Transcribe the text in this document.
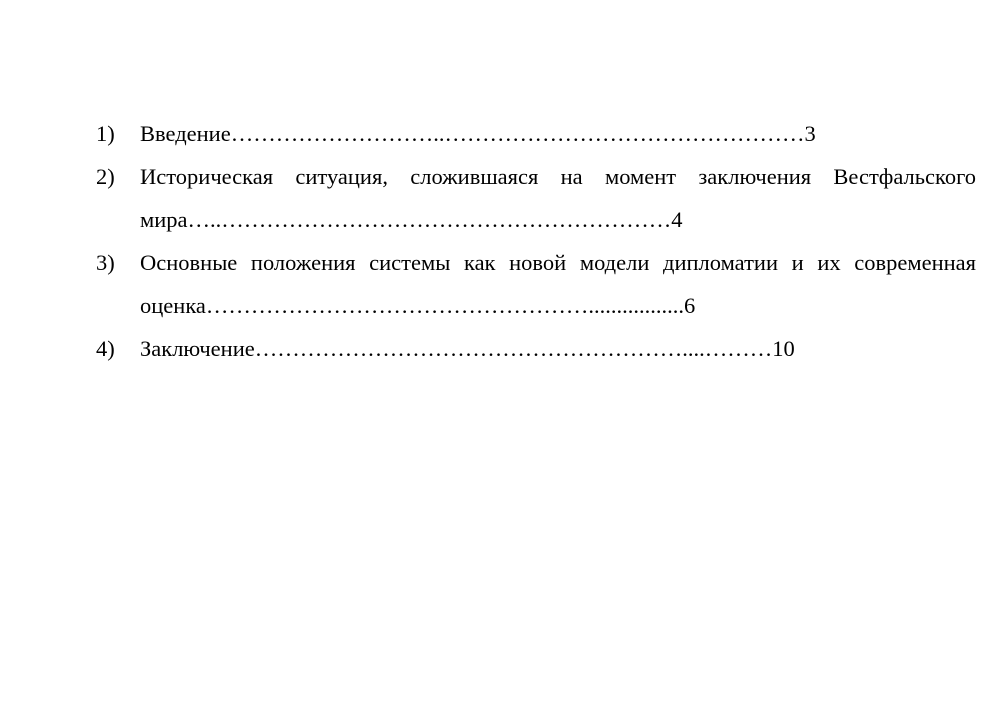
1)	Введение………………………..…………………………………………3
2)	Историческая ситуация, сложившаяся на момент заключения Вестфальского мира…..……………………………………………………4
3)	Основные положения системы как новой модели дипломатии и их современная оценка…………………………………………….................6
4)	Заключение…………………………………………………....………10
